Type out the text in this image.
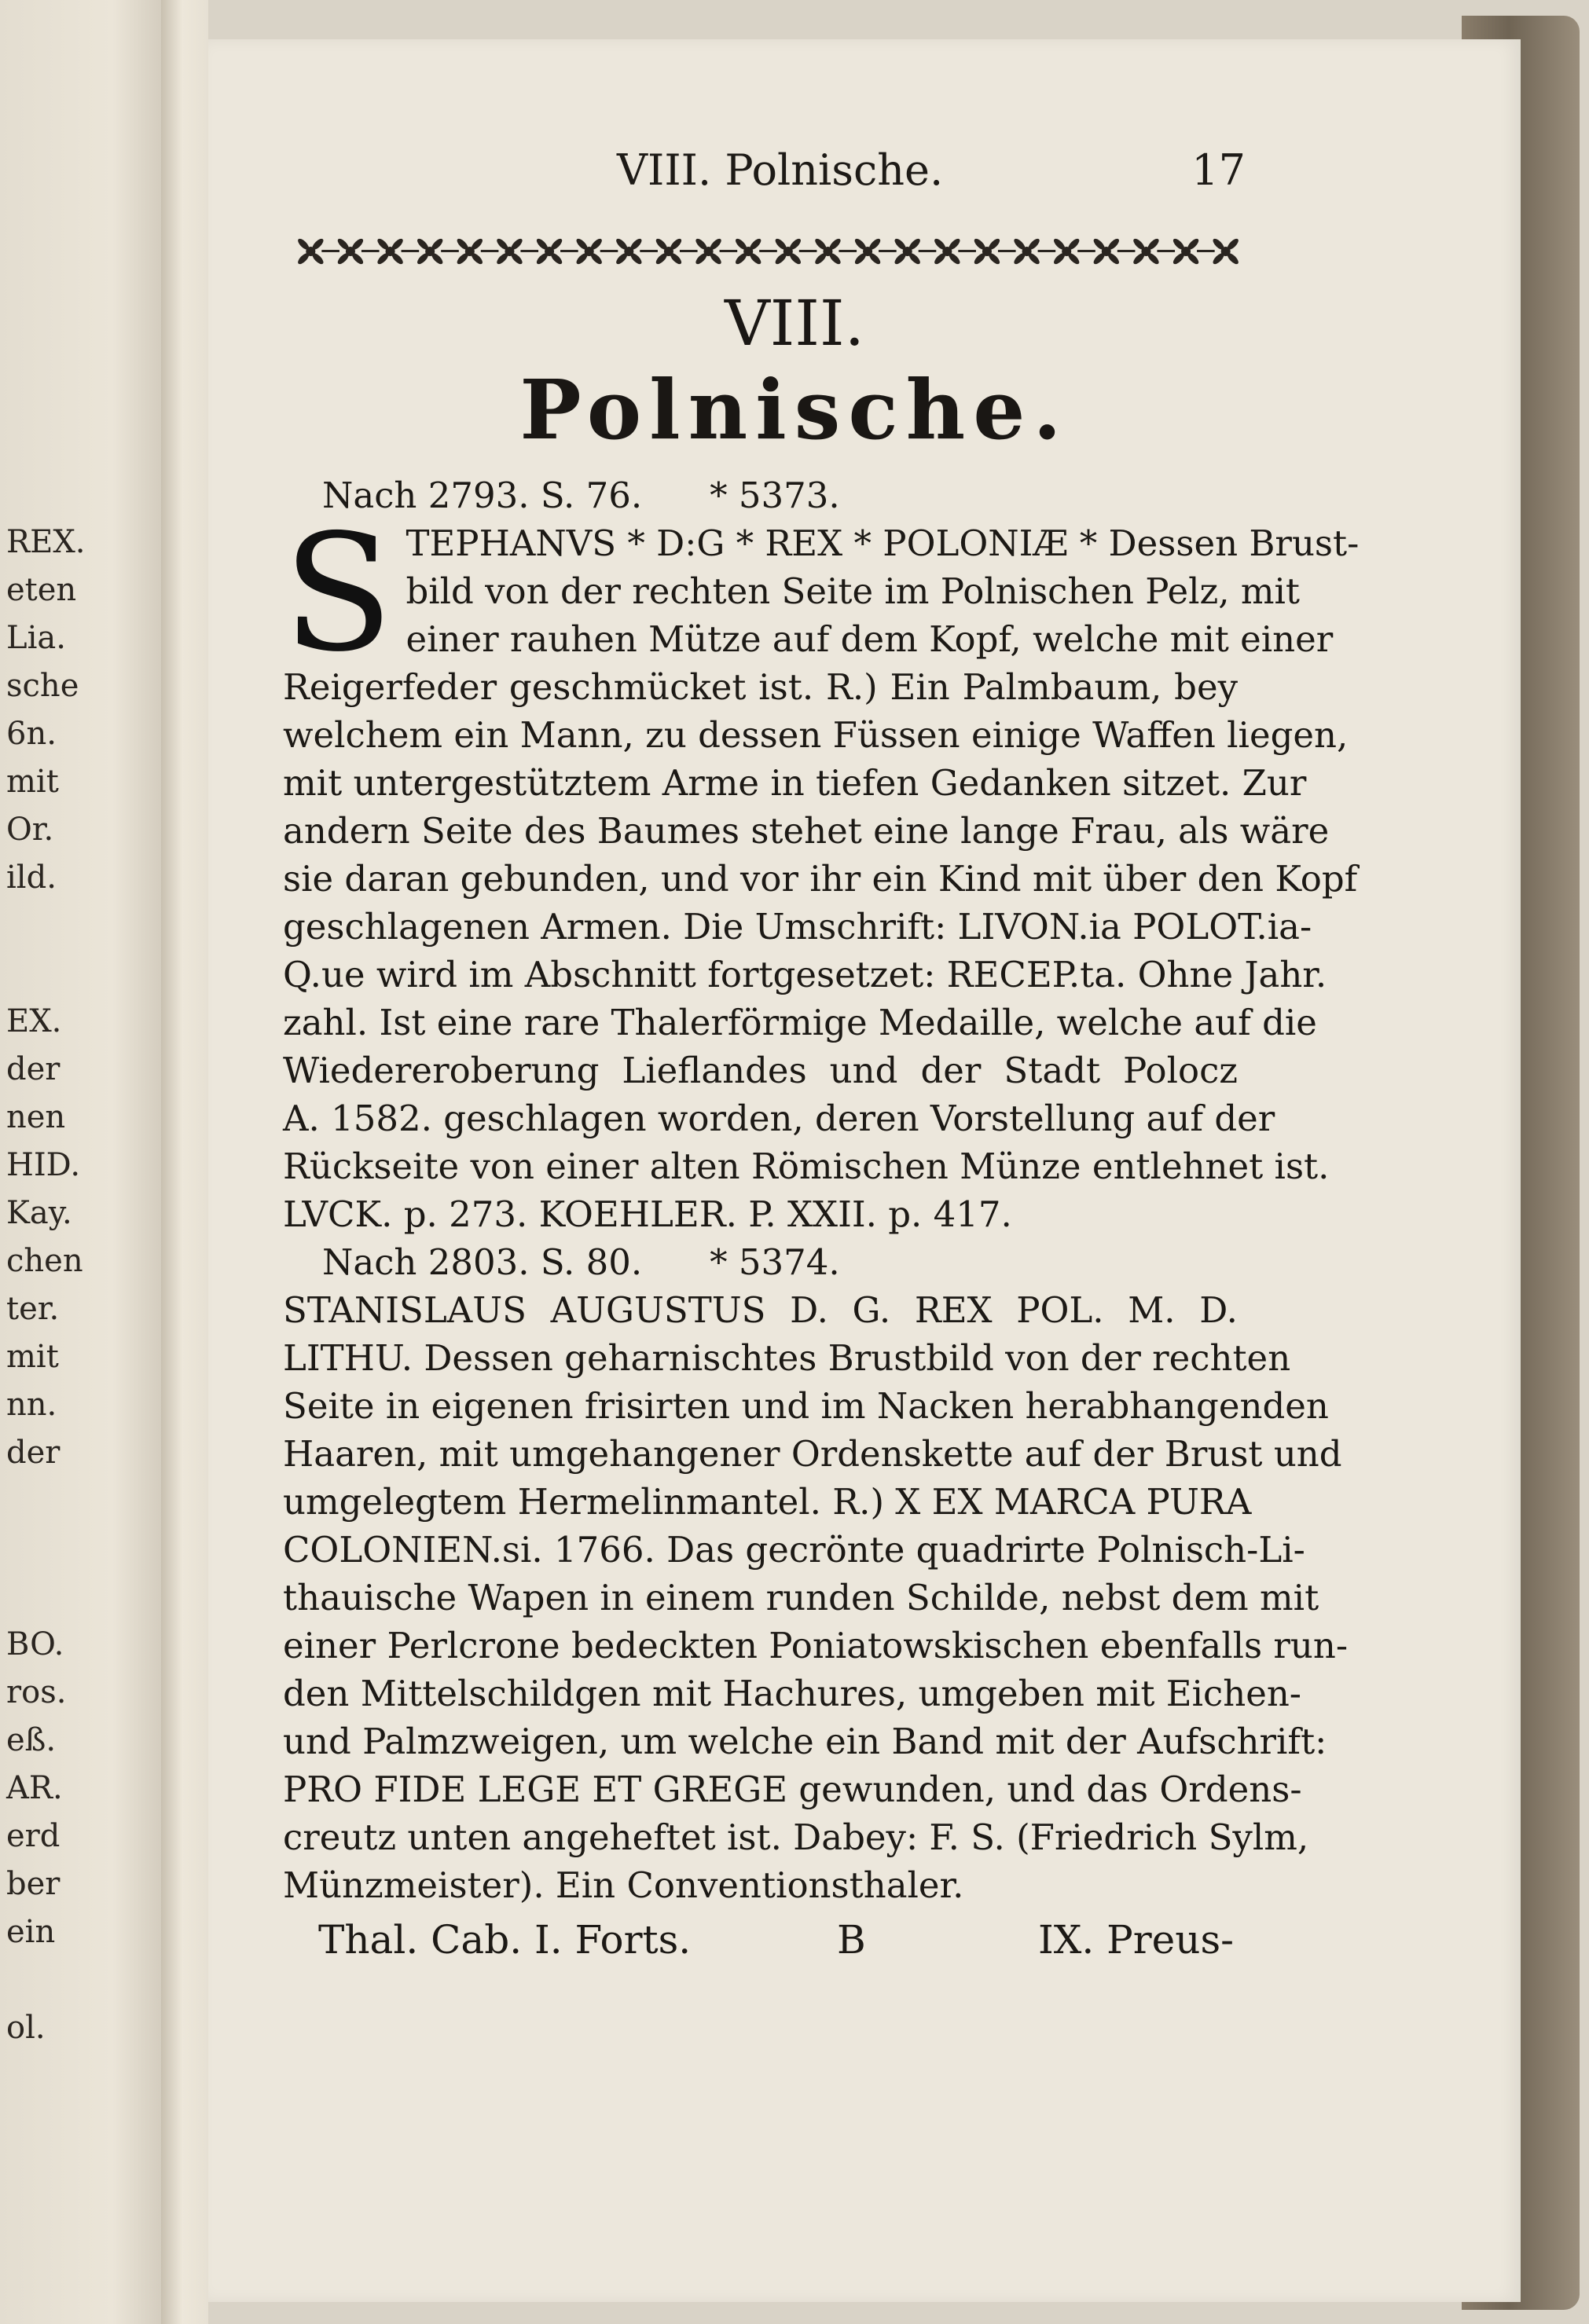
REX.
eten
Lia.
sche
6n.
mit
Or.
ild.
EX.
der
nen
HID.
Kay.
chen
ter.
mit
nn.
der
BO.
ros.
eß.
AR.
erd
ber
ein
ol.
VIII. Polnische.	17
VIII.
Polnische.
Nach 2793. S. 76. * 5373.
S TEPHANVS * D:G * REX * POLONIÆ * Dessen Brust-
bild von der rechten Seite im Polnischen Pelz, mit
einer rauhen Mütze auf dem Kopf, welche mit einer
Reigerfeder geschmücket ist. R.) Ein Palmbaum, bey
welchem ein Mann, zu dessen Füssen einige Waffen liegen,
mit untergestütztem Arme in tiefen Gedanken sitzet. Zur
andern Seite des Baumes stehet eine lange Frau, als wäre
sie daran gebunden, und vor ihr ein Kind mit über den Kopf
geschlagenen Armen. Die Umschrift: LIVON.ia POLOT.ia-
Q.ue wird im Abschnitt fortgesetzet: RECEP.ta. Ohne Jahr.
zahl. Ist eine rare Thalerförmige Medaille, welche auf die
Wiedereroberung Lieflandes und der Stadt Polocz
A. 1582. geschlagen worden, deren Vorstellung auf der
Rückseite von einer alten Römischen Münze entlehnet ist.
LVCK. p. 273. KOEHLER. P. XXII. p. 417.
Nach 2803. S. 80. * 5374.
STANISLAUS AUGUSTUS D. G. REX POL. M. D.
LITHU. Dessen geharnischtes Brustbild von der rechten
Seite in eigenen frisirten und im Nacken herabhangenden
Haaren, mit umgehangener Ordenskette auf der Brust und
umgelegtem Hermelinmantel. R.) X EX MARCA PURA
COLONIEN.si. 1766. Das gecrönte quadrirte Polnisch-Li-
thauische Wapen in einem runden Schilde, nebst dem mit
einer Perlcrone bedeckten Poniatowskischen ebenfalls run-
den Mittelschildgen mit Hachures, umgeben mit Eichen-
und Palmzweigen, um welche ein Band mit der Aufschrift:
PRO FIDE LEGE ET GREGE gewunden, und das Ordens-
creutz unten angeheftet ist. Dabey: F. S. (Friedrich Sylm,
Münzmeister). Ein Conventionsthaler.
Thal. Cab. I. Forts.	B	IX. Preus-
